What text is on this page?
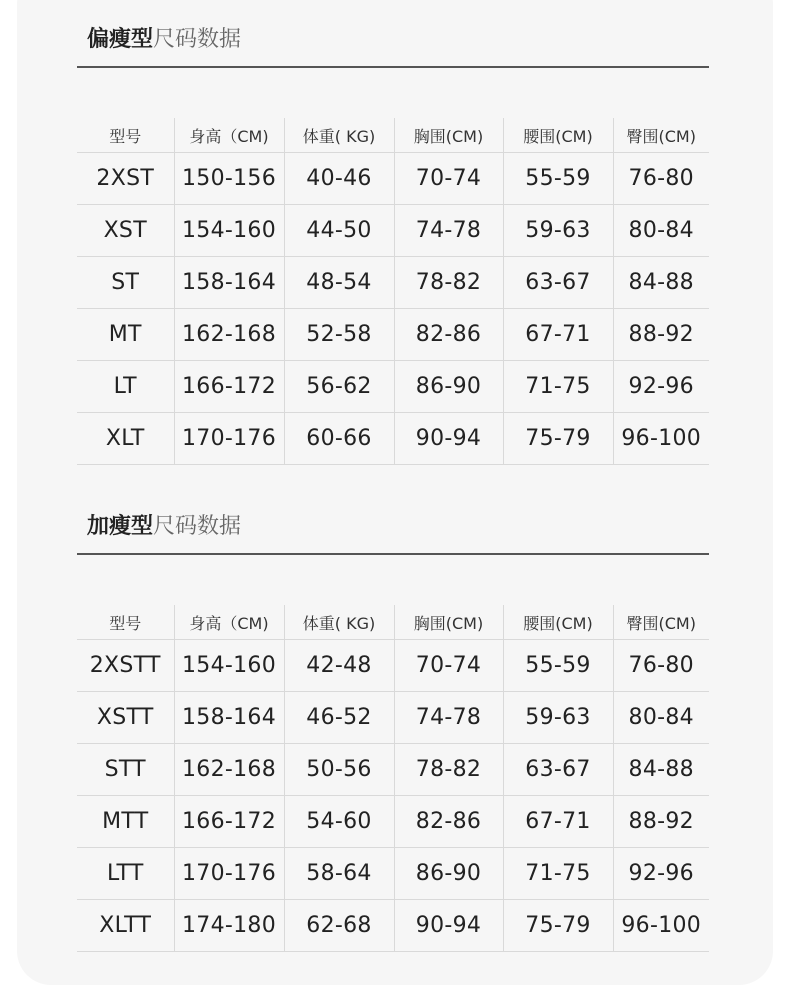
偏瘦型 尺码数据
型号	身高（CM)	体重( KG)	胸围(CM)	腰围(CM)	臀围(CM)
2XST	150-156	40-46	70-74	55-59	76-80
XST	154-160	44-50	74-78	59-63	80-84
ST	158-164	48-54	78-82	63-67	84-88
MT	162-168	52-58	82-86	67-71	88-92
LT	166-172	56-62	86-90	71-75	92-96
XLT	170-176	60-66	90-94	75-79	96-100
加瘦型 尺码数据
型号	身高（CM)	体重( KG)	胸围(CM)	腰围(CM)	臀围(CM)
2XSTT	154-160	42-48	70-74	55-59	76-80
XSTT	158-164	46-52	74-78	59-63	80-84
STT	162-168	50-56	78-82	63-67	84-88
MTT	166-172	54-60	82-86	67-71	88-92
LTT	170-176	58-64	86-90	71-75	92-96
XLTT	174-180	62-68	90-94	75-79	96-100
